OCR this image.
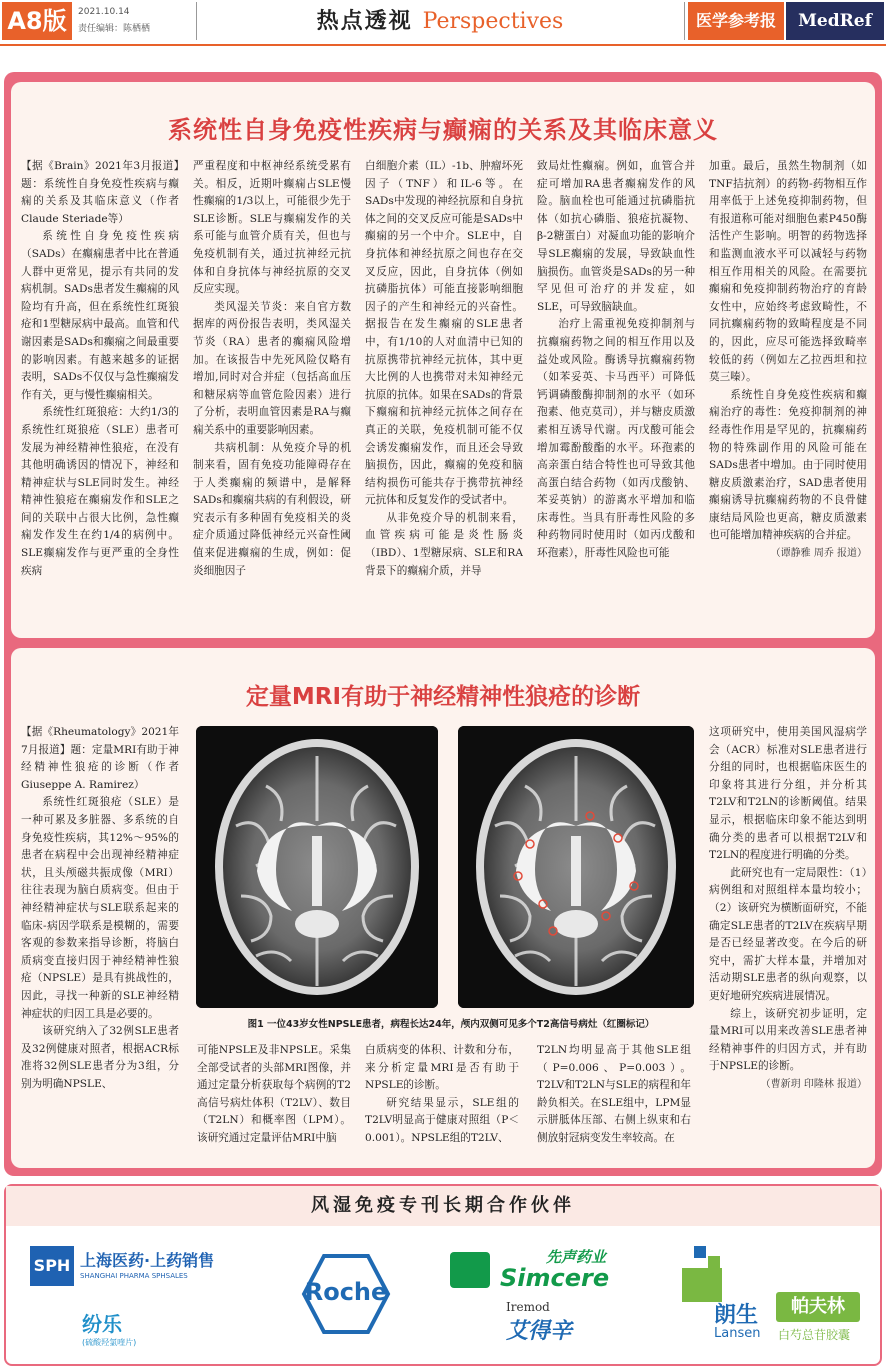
A8版	2021.10.14
责任编辑：陈栖栖	热点透视 Perspectives	医学参考报	MedRef
系统性自身免疫性疾病与癫痫的关系及其临床意义

【据《Brain》2021年3月报道】题：系统性自身免疫性疾病与癫痫的关系及其临床意义（作者Claude Steriade等）

系统性自身免疫性疾病（SADs）在癫痫患者中比在普通人群中更常见，提示有共同的发病机制。SADs患者发生癫痫的风险均有升高，但在系统性红斑狼疮和1型糖尿病中最高。血管和代谢因素是SADs和癫痫之间最重要的影响因素。有越来越多的证据表明，SADs不仅仅与急性癫痫发作有关，更与慢性癫痫相关。

系统性红斑狼疮：大约1/3的系统性红斑狼疮（SLE）患者可发展为神经精神性狼疮，在没有其他明确诱因的情况下，神经和精神症状与SLE同时发生。神经精神性狼疮在癫痫发作和SLE之间的关联中占很大比例，急性癫痫发作发生在约1/4的病例中。SLE癫痫发作与更严重的全身性疾病

严重程度和中枢神经系统受累有关。相反，近期叶癫痫占SLE慢性癫痫的1/3以上，可能很少先于SLE诊断。SLE与癫痫发作的关系可能与血管介质有关，但也与免疫机制有关，通过抗神经元抗体和自身抗体与神经抗原的交叉反应实现。

类风湿关节炎：来自官方数据库的两份报告表明，类风湿关节炎（RA）患者的癫痫风险增加。在该报告中先死风险仅略有增加,同时对合并症（包括高血压和糖尿病等血管危险因素）进行了分析，表明血管因素是RA与癫痫关系中的重要影响因素。

共病机制：从免疫介导的机制来看，固有免疫功能障碍存在于人类癫痫的频谱中，是解释SADs和癫痫共病的有利假设，研究表示有多种固有免疫相关的炎症介质通过降低神经元兴奋性阈值来促进癫痫的生成，例如：促炎细胞因子

白细胞介素（IL）-1b、肿瘤坏死因子（TNF）和IL-6等。在SADs中发现的神经抗原和自身抗体之间的交叉反应可能是SADs中癫痫的另一个中介。SLE中，自身抗体和神经抗原之间也存在交叉反应，因此，自身抗体（例如抗磷脂抗体）可能直接影响细胞因子的产生和神经元的兴奋性。据报告在发生癫痫的SLE患者中，有1/10的人对血清中已知的抗原携带抗神经元抗体，其中更大比例的人也携带对未知神经元抗原的抗体。如果在SADs的背景下癫痫和抗神经元抗体之间存在真正的关联，免疫机制可能不仅会诱发癫痫发作，而且还会导致脑损伤，因此，癫痫的免疫和脑结构损伤可能共存于携带抗神经元抗体和反复发作的受试者中。

从非免疫介导的机制来看，血管疾病可能是炎性肠炎（IBD）、1型糖尿病、SLE和RA背景下的癫痫介质，并导

致局灶性癫痫。例如，血管合并症可增加RA患者癫痫发作的风险。脑血栓也可能通过抗磷脂抗体（如抗心磷脂、狼疮抗凝物、β-2糖蛋白）对凝血功能的影响介导SLE癫痫的发展，导致缺血性脑损伤。血管炎是SADs的另一种罕见但可治疗的并发症，如SLE，可导致脑缺血。

治疗上需重视免疫抑制剂与抗癫痫药物之间的相互作用以及益处或风险。酶诱导抗癫痫药物（如苯妥英、卡马西平）可降低钙调磷酸酶抑制剂的水平（如环孢素、他克莫司），并与糖皮质激素相互诱导代谢。丙戊酸可能会增加霉酚酸酯的水平。环孢素的高亲蛋白结合特性也可导致其他高蛋白结合药物（如丙戊酸钠、苯妥英钠）的游离水平增加和临床毒性。当具有肝毒性风险的多种药物同时使用时（如丙戊酸和环孢素），肝毒性风险也可能

加重。最后，虽然生物制剂（如TNF拮抗剂）的药物-药物相互作用率低于上述免疫抑制药物，但有报道称可能对细胞色素P450酶活性产生影响。明智的药物选择和监测血液水平可以减轻与药物相互作用相关的风险。在需要抗癫痫和免疫抑制药物治疗的育龄女性中，应始终考虑致畸性，不同抗癫痫药物的致畸程度是不同的，因此，应尽可能选择致畸率较低的药（例如左乙拉西坦和拉莫三嗪）。

系统性自身免疫性疾病和癫痫治疗的毒性：免疫抑制剂的神经毒性作用是罕见的，抗癫痫药物的特殊副作用的风险可能在SADs患者中增加。由于同时使用糖皮质激素治疗，SAD患者使用癫痫诱导抗癫痫药物的不良骨健康结局风险也更高，糖皮质激素也可能增加精神疾病的合并症。

（谭静雅 周乔 报道）

定量MRI有助于神经精神性狼疮的诊断

【据《Rheumatology》2021年7月报道】题：定量MRI有助于神经精神性狼疮的诊断（作者Giuseppe A. Ramirez）

系统性红斑狼疮（SLE）是一种可累及多脏器、多系统的自身免疫性疾病，其12%～95%的患者在病程中会出现神经精神症状，且头颅磁共振成像（MRI）往往表现为脑白质病变。但由于神经精神症状与SLE联系起来的临床-病因学联系是模糊的，需要客观的参数来指导诊断，将脑白质病变直接归因于神经精神性狼疮（NPSLE）是具有挑战性的，因此，寻找一种新的SLE神经精神症状的归因工具是必要的。

该研究纳入了32例SLE患者及32例健康对照者，根据ACR标准将32例SLE患者分为3组，分别为明确NPSLE、

图1 一位43岁女性NPSLE患者，病程长达24年，颅内双侧可见多个T2高信号病灶（红圈标记）

可能NPSLE及非NPSLE。采集全部受试者的头部MRI图像，并通过定量分析获取每个病例的T2高信号病灶体积（T2LV）、数目（T2LN）和概率图（LPM）。该研究通过定量评估MRI中脑

白质病变的体积、计数和分布，来分析定量MRI是否有助于NPSLE的诊断。

研究结果显示，SLE组的T2LV明显高于健康对照组（P＜0.001）。NPSLE组的T2LV、

T2LN均明显高于其他SLE组（P=0.006、P=0.003）。T2LV和T2LN与SLE的病程和年龄负相关。在SLE组中，LPM显示胼胝体压部、右侧上纵束和右侧放射冠病变发生率较高。在

这项研究中，使用美国风湿病学会（ACR）标准对SLE患者进行分组的同时，也根据临床医生的印象将其进行分组，并分析其T2LV和T2LN的诊断阈值。结果显示，根据临床印象不能达到明确分类的患者可以根据T2LV和T2LN的程度进行明确的分类。

此研究也有一定局限性：（1）病例组和对照组样本量均较小；（2）该研究为横断面研究，不能确定SLE患者的T2LV在疾病早期是否已经显著改变。在今后的研究中，需扩大样本量，并增加对活动期SLE患者的纵向观察，以更好地研究疾病进展情况。

综上，该研究初步证明，定量MRI可以用来改善SLE患者神经精神事件的归因方式，并有助于NPSLE的诊断。

（曹新玥 印隆林 报道）

风湿免疫专刊长期合作伙伴
SPH 上海医药·上药销售
SHANGHAI PHARMA SPHSALES
纷乐
(硫酸羟氯喹片)
Roche
先声药业
Simcere
Iremod
艾得辛
朗生
Lansen
帕夫林
白芍总苷胶囊
